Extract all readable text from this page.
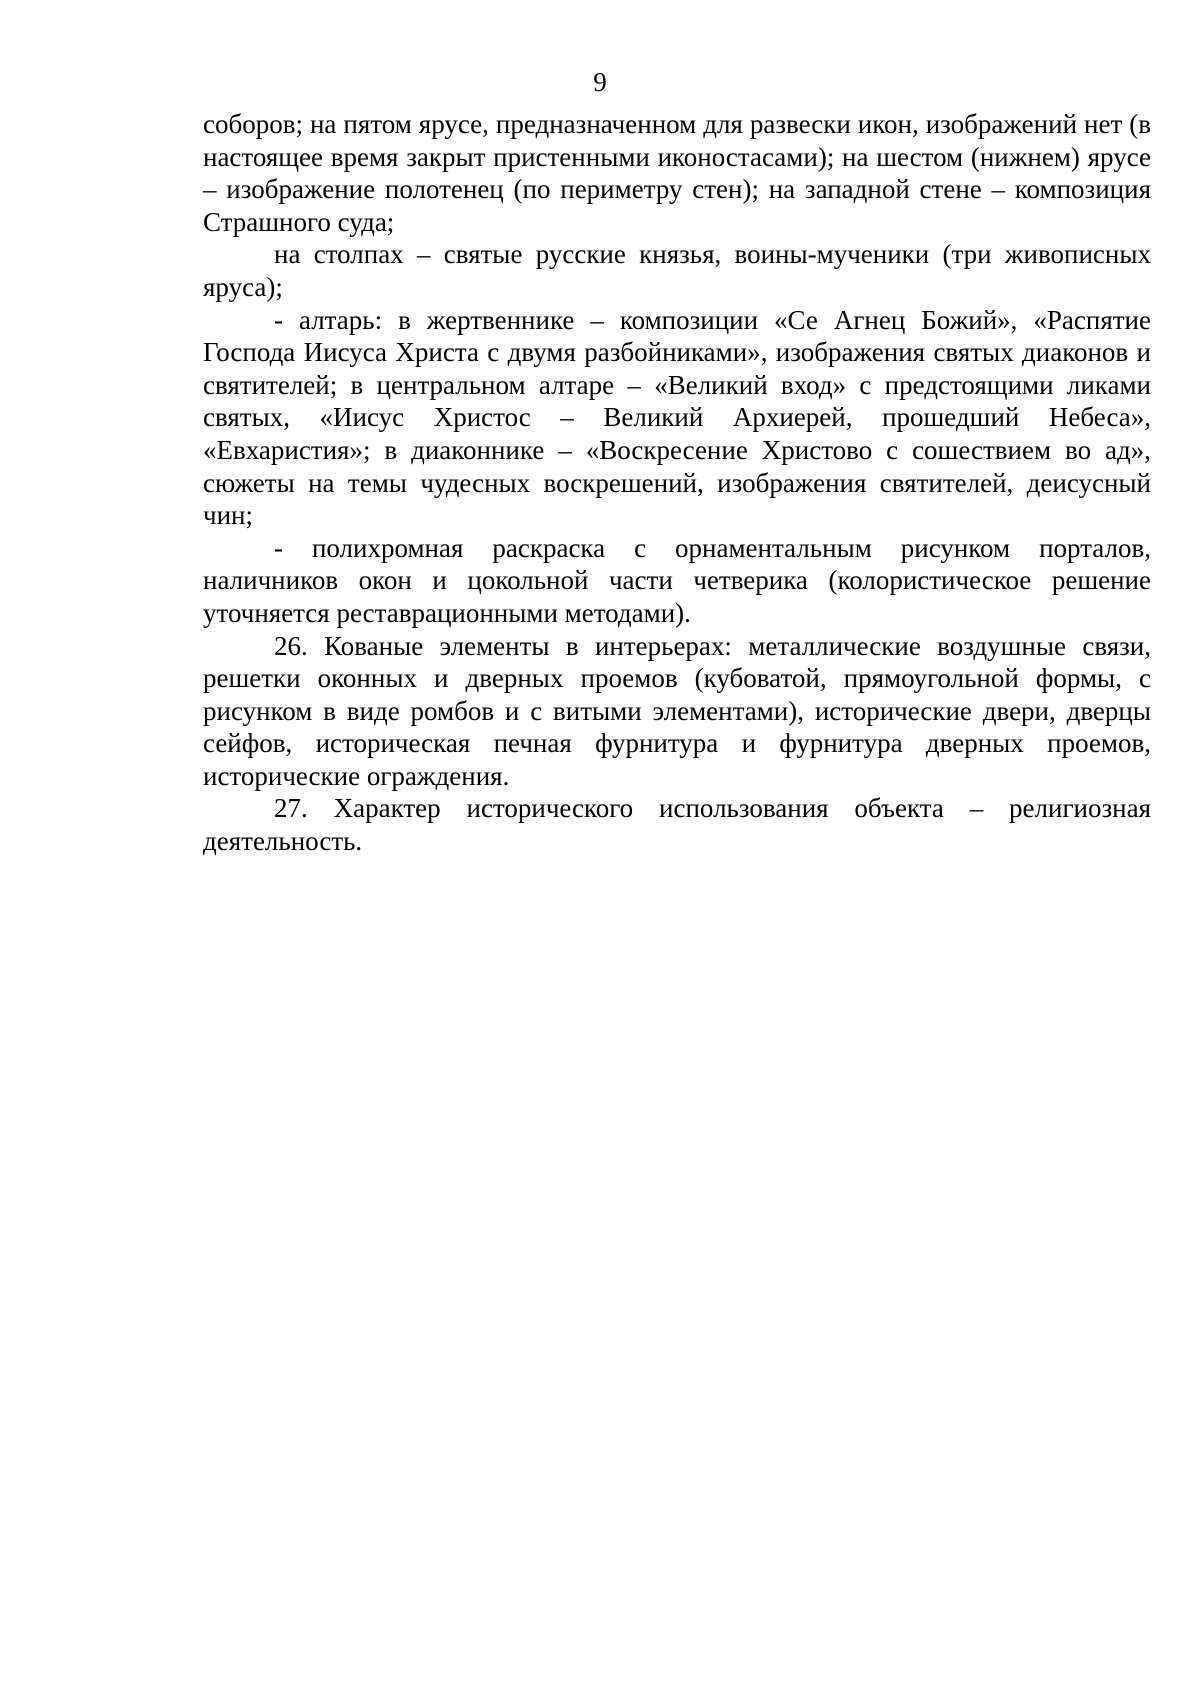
9

соборов; на пятом ярусе, предназначенном для развески икон, изображений нет (в настоящее время закрыт пристенными иконостасами); на шестом (нижнем) ярусе – изображение полотенец (по периметру стен); на западной стене – композиция Страшного суда;

на столпах – святые русские князья, воины-мученики (три живописных яруса);

- алтарь: в жертвеннике – композиции «Се Агнец Божий», «Распятие Господа Иисуса Христа с двумя разбойниками», изображения святых диаконов и святителей; в центральном алтаре – «Великий вход» с предстоящими ликами святых, «Иисус Христос – Великий Архиерей, прошедший Небеса», «Евхаристия»; в диаконнике – «Воскресение Христово с сошествием во ад», сюжеты на темы чудесных воскрешений, изображения святителей, деисусный чин;

- полихромная раскраска с орнаментальным рисунком порталов, наличников окон и цокольной части четверика (колористическое решение уточняется реставрационными методами).

26. Кованые элементы в интерьерах: металлические воздушные связи, решетки оконных и дверных проемов (кубоватой, прямоугольной формы, с рисунком в виде ромбов и с витыми элементами), исторические двери, дверцы сейфов, историческая печная фурнитура и фурнитура дверных проемов, исторические ограждения.

27. Характер исторического использования объекта – религиозная деятельность.
